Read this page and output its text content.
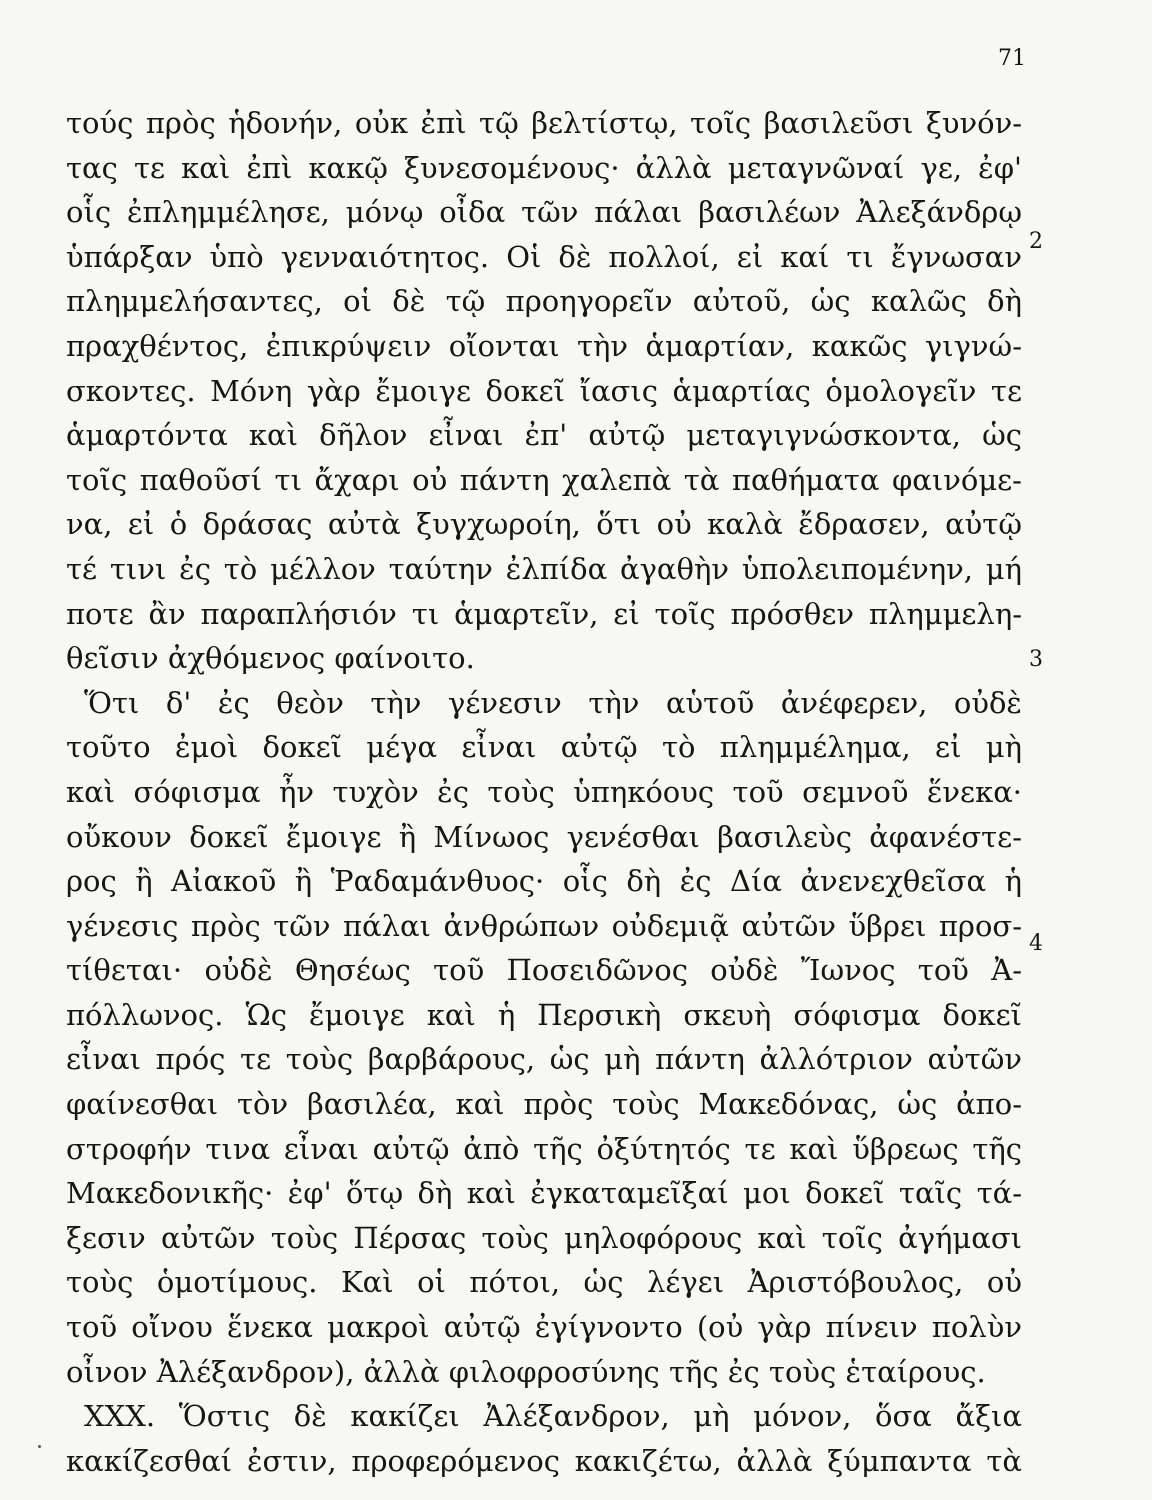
71
τούς πρὸς ἡδονήν, οὐκ ἐπὶ τῷ βελτίστῳ, τοῖς βασιλεῦσι ξυνόν-
τας τε καὶ ἐπὶ κακῷ ξυνεσομένους· ἀλλὰ μεταγνῶναί γε, ἐφ'
οἷς ἐπλημμέλησε, μόνῳ οἶδα τῶν πάλαι βασιλέων Ἀλεξάνδρῳ
ὑπάρξαν ὑπὸ γενναιότητος. Οἱ δὲ πολλοί, εἰ καί τι ἔγνωσαν
πλημμελήσαντες, οἱ δὲ τῷ προηγορεῖν αὐτοῦ, ὡς καλῶς δὴ
πραχθέντος, ἐπικρύψειν οἴονται τὴν ἁμαρτίαν, κακῶς γιγνώ-
σκοντες. Μόνη γὰρ ἔμοιγε δοκεῖ ἴασις ἁμαρτίας ὁμολογεῖν τε
ἁμαρτόντα καὶ δῆλον εἶναι ἐπ' αὐτῷ μεταγιγνώσκοντα, ὡς
τοῖς παθοῦσί τι ἄχαρι οὐ πάντη χαλεπὰ τὰ παθήματα φαινόμε-
να, εἰ ὁ δράσας αὐτὰ ξυγχωροίη, ὅτι οὐ καλὰ ἔδρασεν, αὐτῷ
τέ τινι ἐς τὸ μέλλον ταύτην ἐλπίδα ἀγαθὴν ὑπολειπομένην, μή
ποτε ἂν παραπλήσιόν τι ἁμαρτεῖν, εἰ τοῖς πρόσθεν πλημμελη-
θεῖσιν ἀχθόμενος φαίνοιτο.
Ὅτι δ' ἐς θεὸν τὴν γένεσιν τὴν αὑτοῦ ἀνέφερεν, οὐδὲ
τοῦτο ἐμοὶ δοκεῖ μέγα εἶναι αὐτῷ τὸ πλημμέλημα, εἰ μὴ
καὶ σόφισμα ἦν τυχὸν ἐς τοὺς ὑπηκόους τοῦ σεμνοῦ ἕνεκα·
οὔκουν δοκεῖ ἔμοιγε ἢ Μίνωος γενέσθαι βασιλεὺς ἀφανέστε-
ρος ἢ Αἰακοῦ ἢ Ῥαδαμάνθυος· οἷς δὴ ἐς Δία ἀνενεχθεῖσα ἡ
γένεσις πρὸς τῶν πάλαι ἀνθρώπων οὐδεμιᾷ αὐτῶν ὕβρει προσ-
τίθεται· οὐδὲ Θησέως τοῦ Ποσειδῶνος οὐδὲ Ἴωνος τοῦ Ἀ-
πόλλωνος. Ὡς ἔμοιγε καὶ ἡ Περσικὴ σκευὴ σόφισμα δοκεῖ
εἶναι πρός τε τοὺς βαρβάρους, ὡς μὴ πάντη ἀλλότριον αὐτῶν
φαίνεσθαι τὸν βασιλέα, καὶ πρὸς τοὺς Μακεδόνας, ὡς ἀπο-
στροφήν τινα εἶναι αὐτῷ ἀπὸ τῆς ὀξύτητός τε καὶ ὕβρεως τῆς
Μακεδονικῆς· ἐφ' ὅτῳ δὴ καὶ ἐγκαταμεῖξαί μοι δοκεῖ ταῖς τά-
ξεσιν αὐτῶν τοὺς Πέρσας τοὺς μηλοφόρους καὶ τοῖς ἀγήμασι
τοὺς ὁμοτίμους. Καὶ οἱ πότοι, ὡς λέγει Ἀριστόβουλος, οὐ
τοῦ οἴνου ἕνεκα μακροὶ αὐτῷ ἐγίγνοντο (οὐ γὰρ πίνειν πολὺν
οἶνον Ἀλέξανδρον), ἀλλὰ φιλοφροσύνης τῆς ἐς τοὺς ἑταίρους.
XXX. Ὅστις δὲ κακίζει Ἀλέξανδρον, μὴ μόνον, ὅσα ἄξια
κακίζεσθαί ἐστιν, προφερόμενος κακιζέτω, ἀλλὰ ξύμπαντα τὰ
2
3
4
